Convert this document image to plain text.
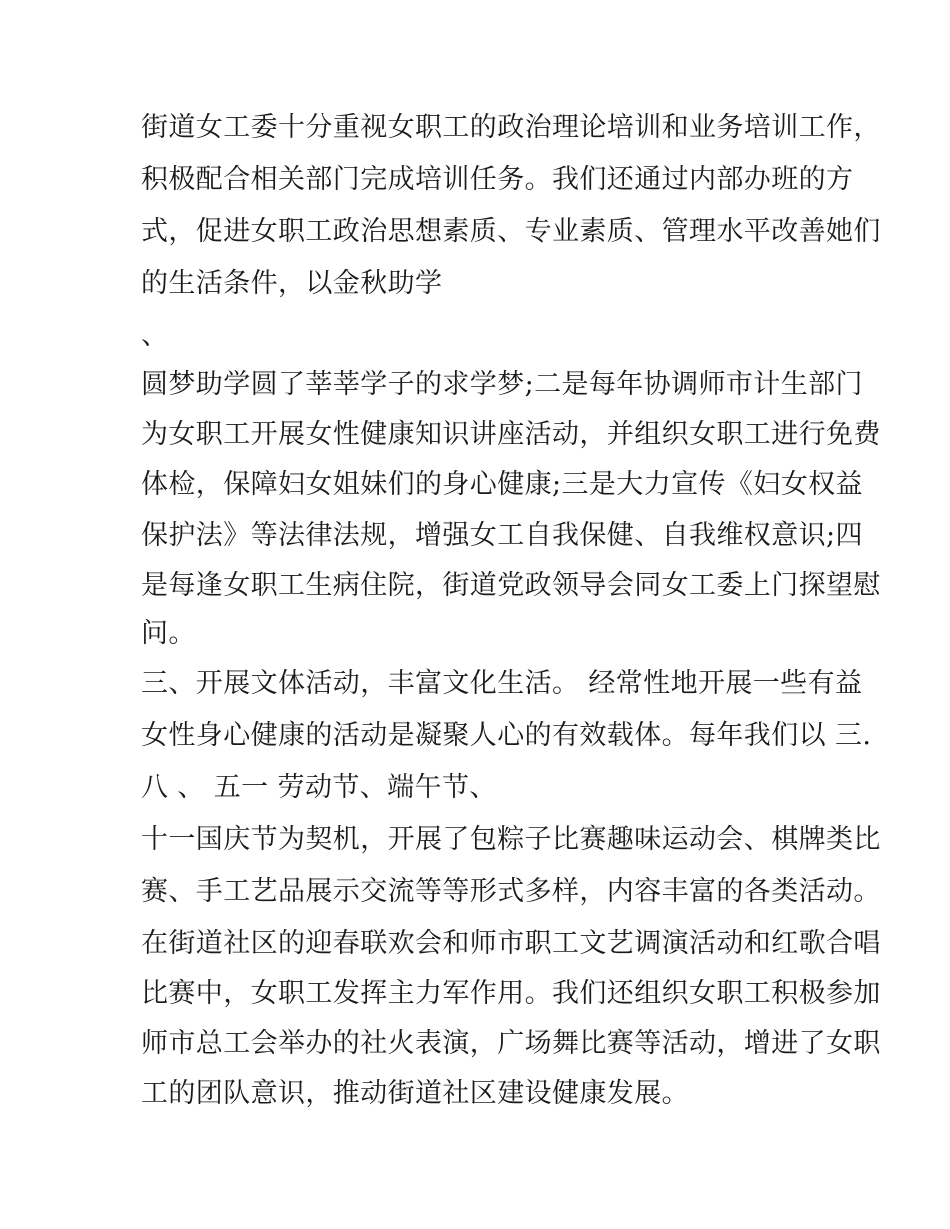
街道女工委十分重视女职工的政治理论培训和业务培训工作，
积极配合相关部门完成培训任务。我们还通过内部办班的方
式，促进女职工政治思想素质、专业素质、管理水平改善她们
的生活条件，以金秋助学
、
圆梦助学圆了莘莘学子的求学梦;二是每年协调师市计生部门
为女职工开展女性健康知识讲座活动，并组织女职工进行免费
体检，保障妇女姐妹们的身心健康;三是大力宣传《妇女权益
保护法》等法律法规，增强女工自我保健、自我维权意识;四
是每逢女职工生病住院，街道党政领导会同女工委上门探望慰
问。
三、开展文体活动，丰富文化生活。 经常性地开展一些有益
女性身心健康的活动是凝聚人心的有效载体。每年我们以 三.
八 、 五一 劳动节、端午节、
十一国庆节为契机，开展了包粽子比赛趣味运动会、棋牌类比
赛、手工艺品展示交流等等形式多样，内容丰富的各类活动。
在街道社区的迎春联欢会和师市职工文艺调演活动和红歌合唱
比赛中，女职工发挥主力军作用。我们还组织女职工积极参加
师市总工会举办的社火表演，广场舞比赛等活动，增进了女职
工的团队意识，推动街道社区建设健康发展。
